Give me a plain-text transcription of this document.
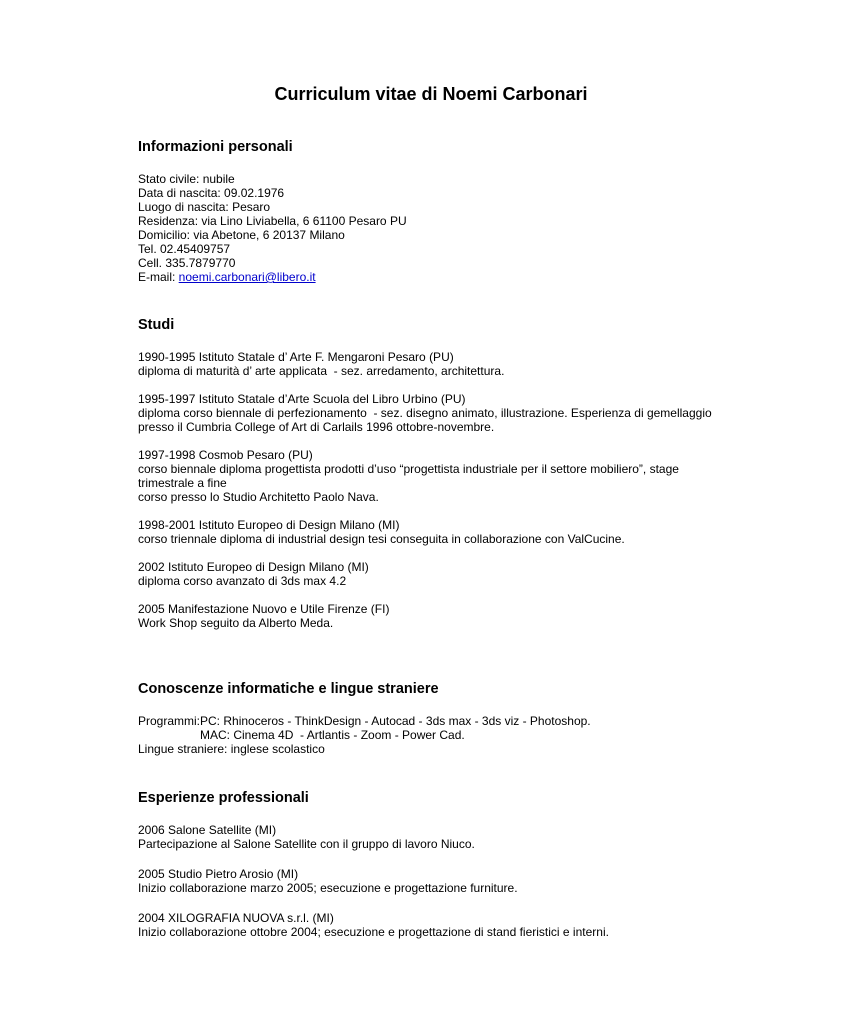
Curriculum vitae di Noemi Carbonari
Informazioni personali
Stato civile: nubile
Data di nascita: 09.02.1976
Luogo di nascita: Pesaro
Residenza: via Lino Liviabella, 6 61100 Pesaro PU
Domicilio: via Abetone, 6 20137 Milano
Tel. 02.45409757
Cell. 335.7879770
E-mail: noemi.carbonari@libero.it
Studi
1990-1995 Istituto Statale d’ Arte F. Mengaroni Pesaro (PU)
diploma di maturità d’ arte applicata  - sez. arredamento, architettura.
1995-1997 Istituto Statale d’Arte Scuola del Libro Urbino (PU)
diploma corso biennale di perfezionamento  - sez. disegno animato, illustrazione. Esperienza di gemellaggio
presso il Cumbria College of Art di Carlails 1996 ottobre-novembre.
1997-1998 Cosmob Pesaro (PU)
corso biennale diploma progettista prodotti d’uso “progettista industriale per il settore mobiliero”, stage
trimestrale a fine
corso presso lo Studio Architetto Paolo Nava.
1998-2001 Istituto Europeo di Design Milano (MI)
corso triennale diploma di industrial design tesi conseguita in collaborazione con ValCucine.
2002 Istituto Europeo di Design Milano (MI)
diploma corso avanzato di 3ds max 4.2
2005 Manifestazione Nuovo e Utile Firenze (FI)
Work Shop seguito da Alberto Meda.
Conoscenze informatiche e lingue straniere
Programmi:PC: Rhinoceros - ThinkDesign - Autocad - 3ds max - 3ds viz - Photoshop.
MAC: Cinema 4D  - Artlantis - Zoom - Power Cad.
Lingue straniere: inglese scolastico
Esperienze professionali
2006 Salone Satellite (MI)
Partecipazione al Salone Satellite con il gruppo di lavoro Niuco.
2005 Studio Pietro Arosio (MI)
Inizio collaborazione marzo 2005; esecuzione e progettazione furniture.
2004 XILOGRAFIA NUOVA s.r.l. (MI)
Inizio collaborazione ottobre 2004; esecuzione e progettazione di stand fieristici e interni.
